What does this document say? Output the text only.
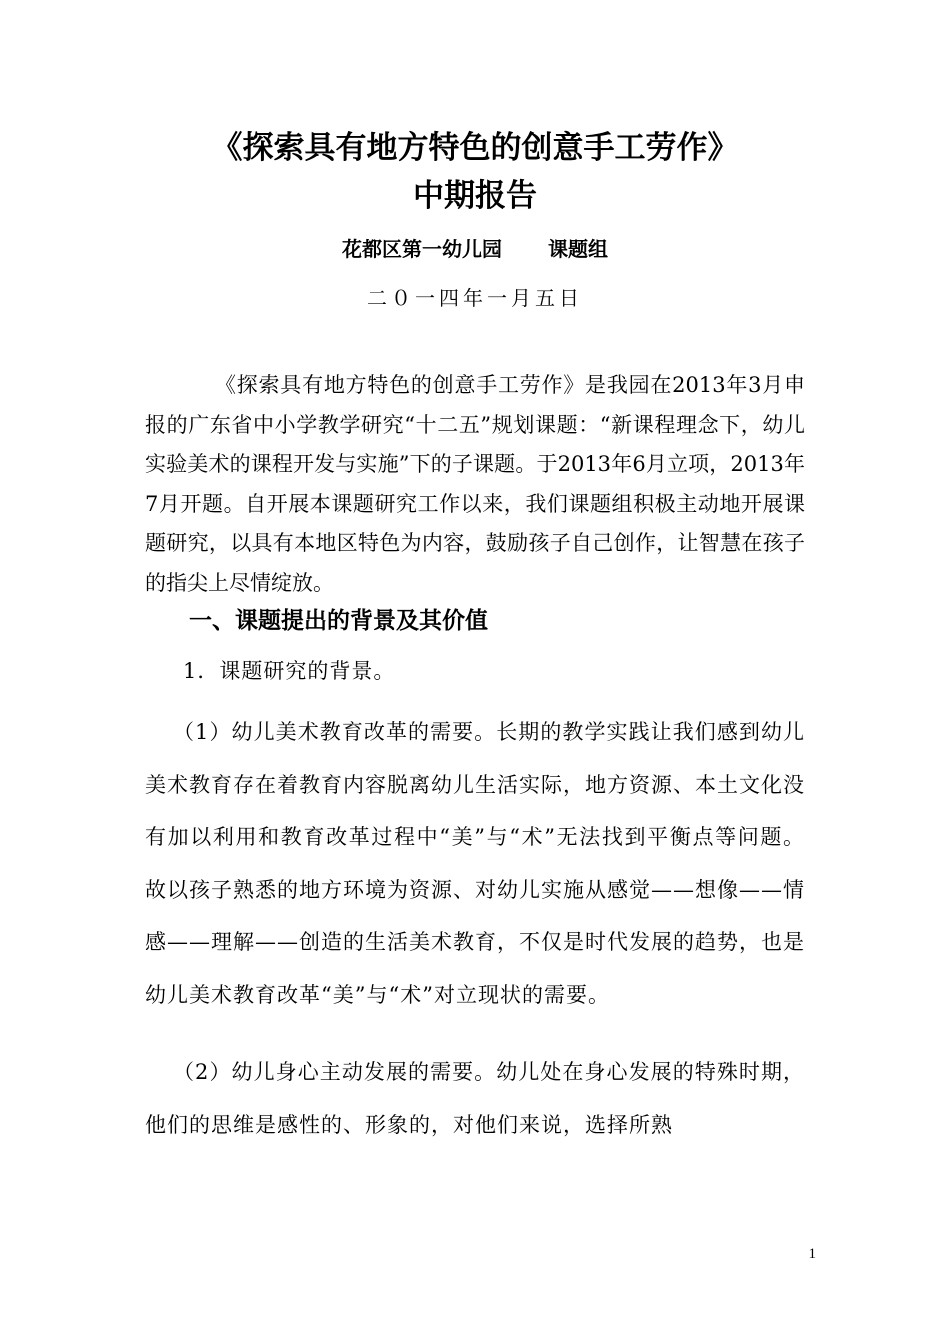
《探索具有地方特色的创意手工劳作》
中期报告
花都区第一幼儿园 课题组
二０一四年一月五日
《探索具有地方特色的创意手工劳作》是我园在2013年3月申报的广东省中小学教学研究“十二五”规划课题：“新课程理念下，幼儿实验美术的课程开发与实施”下的子课题。于2013年6月立项，2013年7月开题。自开展本课题研究工作以来，我们课题组积极主动地开展课题研究，以具有本地区特色为内容，鼓励孩子自己创作，让智慧在孩子的指尖上尽情绽放。
一、课题提出的背景及其价值
1．课题研究的背景。
（1）幼儿美术教育改革的需要。长期的教学实践让我们感到幼儿美术教育存在着教育内容脱离幼儿生活实际，地方资源、本土文化没有加以利用和教育改革过程中“美”与“术”无法找到平衡点等问题。故以孩子熟悉的地方环境为资源、对幼儿实施从感觉——想像——情感——理解——创造的生活美术教育，不仅是时代发展的趋势，也是幼儿美术教育改革“美”与“术”对立现状的需要。
（2）幼儿身心主动发展的需要。幼儿处在身心发展的特殊时期，他们的思维是感性的、形象的，对他们来说，选择所熟
1
